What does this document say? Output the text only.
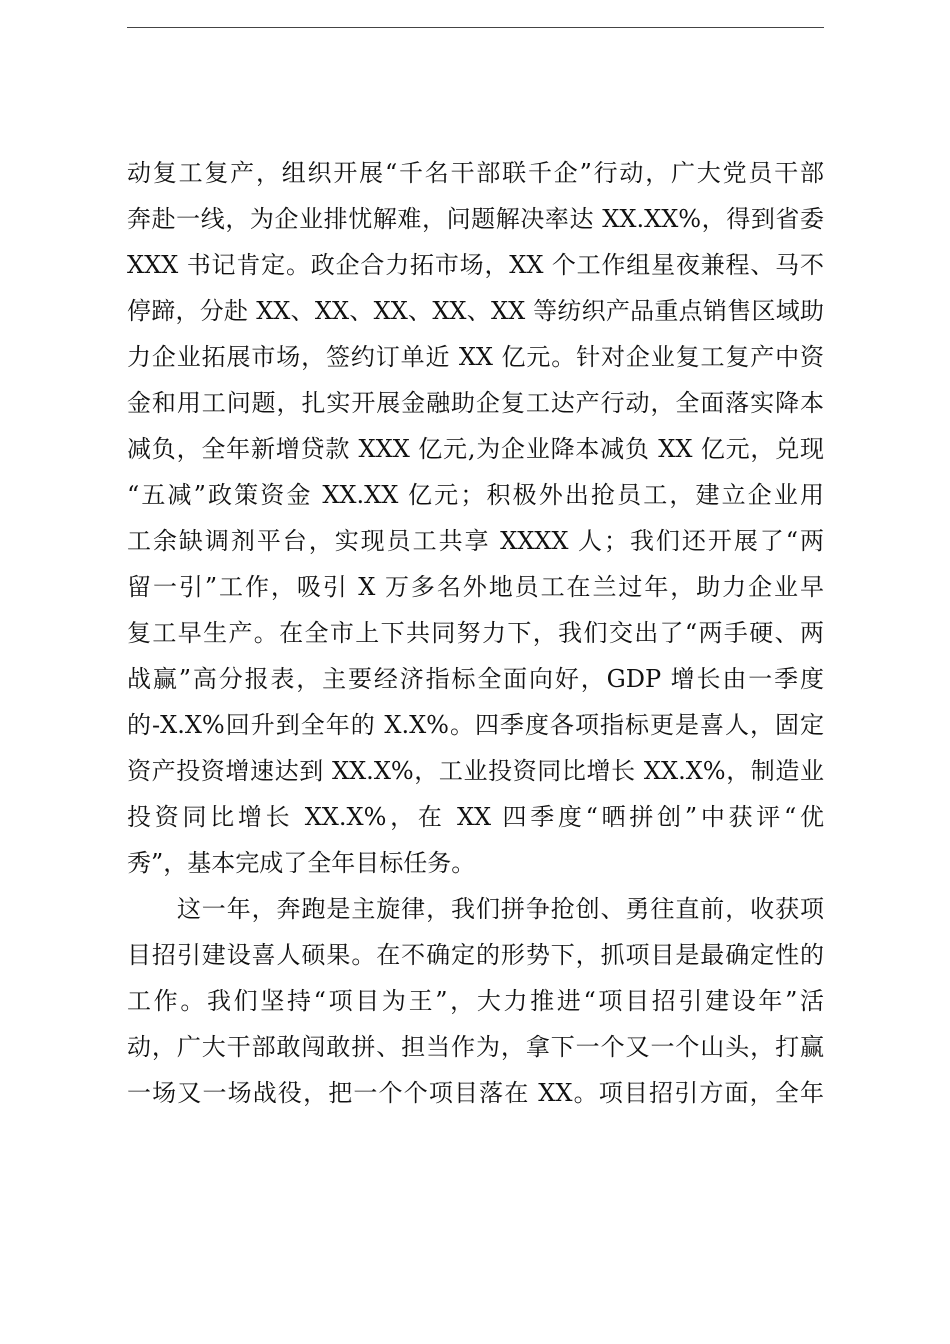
动复工复产，组织开展“千名干部联千企”行动，广大党员干部
奔赴一线，为企业排忧解难，问题解决率达 XX.XX%，得到省委
XXX 书记肯定。政企合力拓市场，XX 个工作组星夜兼程、马不
停蹄，分赴 XX、XX、XX、XX、XX 等纺织产品重点销售区域助
力企业拓展市场，签约订单近 XX 亿元。针对企业复工复产中资
金和用工问题，扎实开展金融助企复工达产行动，全面落实降本
减负，全年新增贷款 XXX 亿元,为企业降本减负 XX 亿元，兑现
“五减”政策资金 XX.XX 亿元；积极外出抢员工，建立企业用
工余缺调剂平台，实现员工共享 XXXX 人；我们还开展了“两
留一引”工作，吸引 X 万多名外地员工在兰过年，助力企业早
复工早生产。在全市上下共同努力下，我们交出了“两手硬、两
战赢”高分报表，主要经济指标全面向好，GDP 增长由一季度
的-X.X%回升到全年的 X.X%。四季度各项指标更是喜人，固定
资产投资增速达到 XX.X%，工业投资同比增长 XX.X%，制造业
投资同比增长 XX.X%，在 XX 四季度“晒拼创”中获评“优
秀”，基本完成了全年目标任务。
　　这一年，奔跑是主旋律，我们拼争抢创、勇往直前，收获项
目招引建设喜人硕果。在不确定的形势下，抓项目是最确定性的
工作。我们坚持“项目为王”，大力推进“项目招引建设年”活
动，广大干部敢闯敢拼、担当作为，拿下一个又一个山头，打赢
一场又一场战役，把一个个项目落在 XX。项目招引方面，全年
